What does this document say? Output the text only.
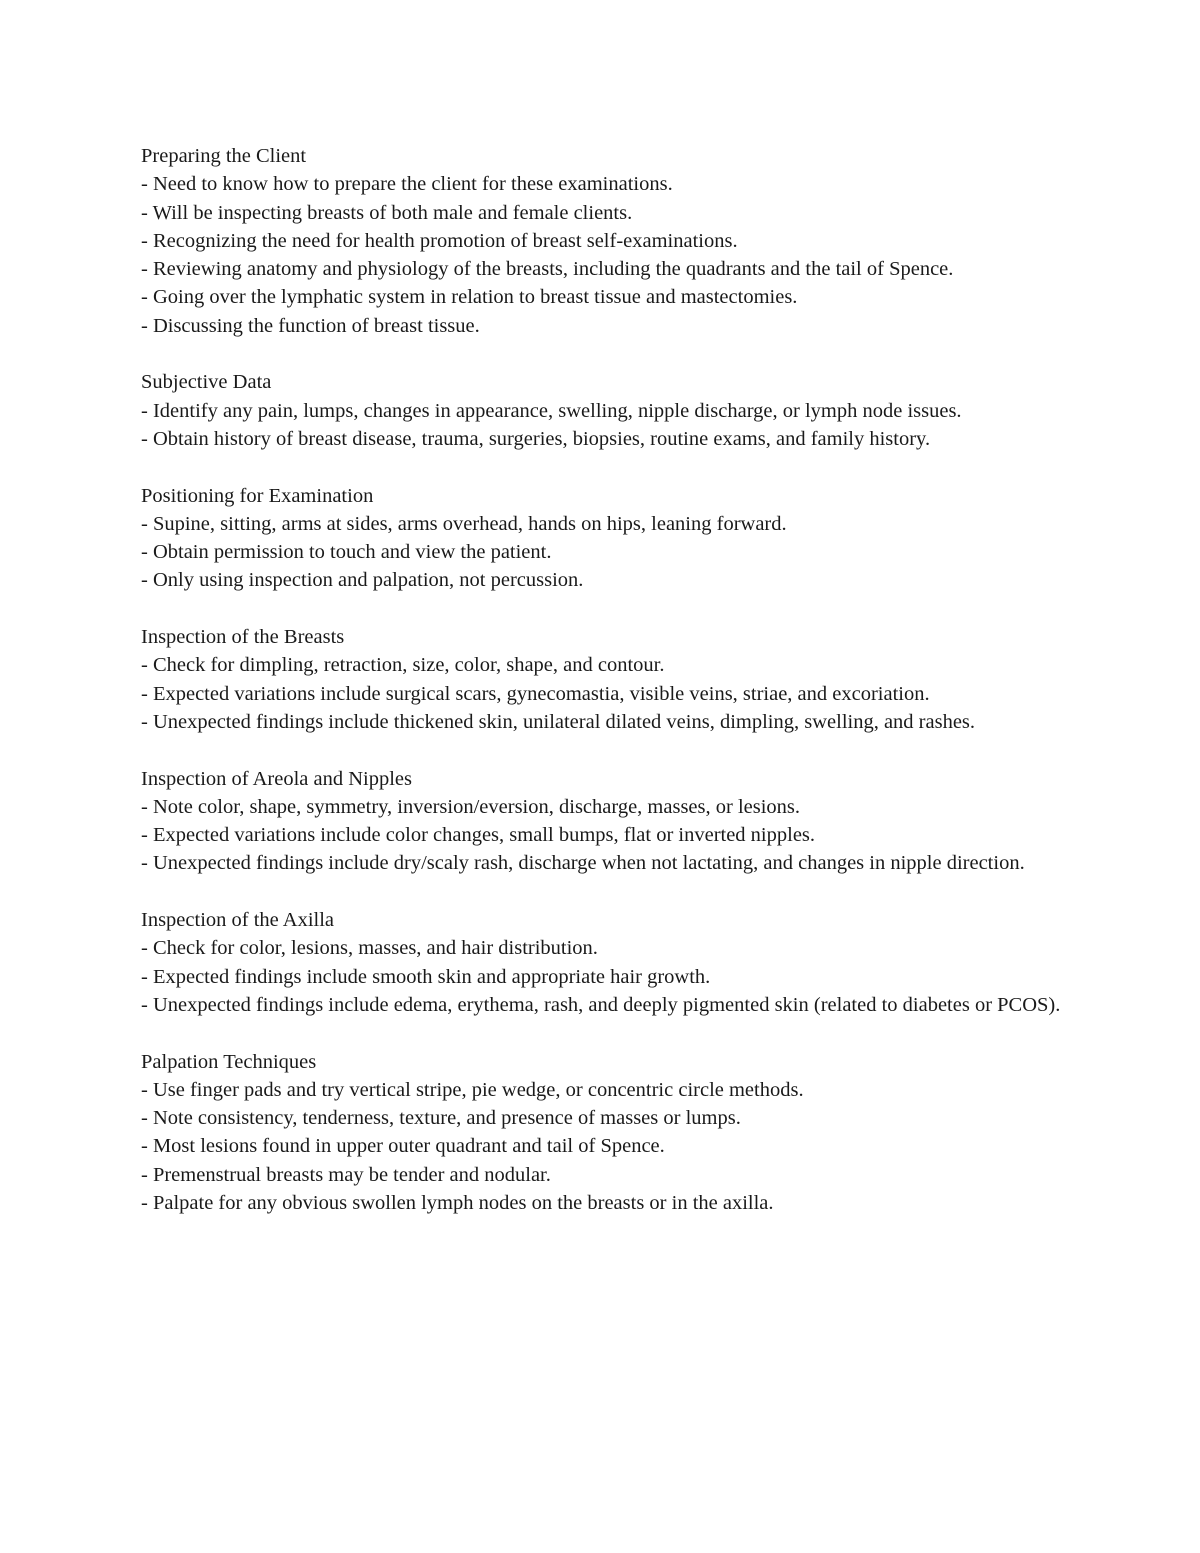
Preparing the Client

- Need to know how to prepare the client for these examinations.

- Will be inspecting breasts of both male and female clients.

- Recognizing the need for health promotion of breast self-examinations.

- Reviewing anatomy and physiology of the breasts, including the quadrants and the tail of Spence.

- Going over the lymphatic system in relation to breast tissue and mastectomies.

- Discussing the function of breast tissue.

Subjective Data

- Identify any pain, lumps, changes in appearance, swelling, nipple discharge, or lymph node issues.

- Obtain history of breast disease, trauma, surgeries, biopsies, routine exams, and family history.

Positioning for Examination

- Supine, sitting, arms at sides, arms overhead, hands on hips, leaning forward.

- Obtain permission to touch and view the patient.

- Only using inspection and palpation, not percussion.

Inspection of the Breasts

- Check for dimpling, retraction, size, color, shape, and contour.

- Expected variations include surgical scars, gynecomastia, visible veins, striae, and excoriation.

- Unexpected findings include thickened skin, unilateral dilated veins, dimpling, swelling, and rashes.

Inspection of Areola and Nipples

- Note color, shape, symmetry, inversion/eversion, discharge, masses, or lesions.

- Expected variations include color changes, small bumps, flat or inverted nipples.

- Unexpected findings include dry/scaly rash, discharge when not lactating, and changes in nipple direction.

Inspection of the Axilla

- Check for color, lesions, masses, and hair distribution.

- Expected findings include smooth skin and appropriate hair growth.

- Unexpected findings include edema, erythema, rash, and deeply pigmented skin (related to diabetes or PCOS).

Palpation Techniques

- Use finger pads and try vertical stripe, pie wedge, or concentric circle methods.

- Note consistency, tenderness, texture, and presence of masses or lumps.

- Most lesions found in upper outer quadrant and tail of Spence.

- Premenstrual breasts may be tender and nodular.

- Palpate for any obvious swollen lymph nodes on the breasts or in the axilla.
